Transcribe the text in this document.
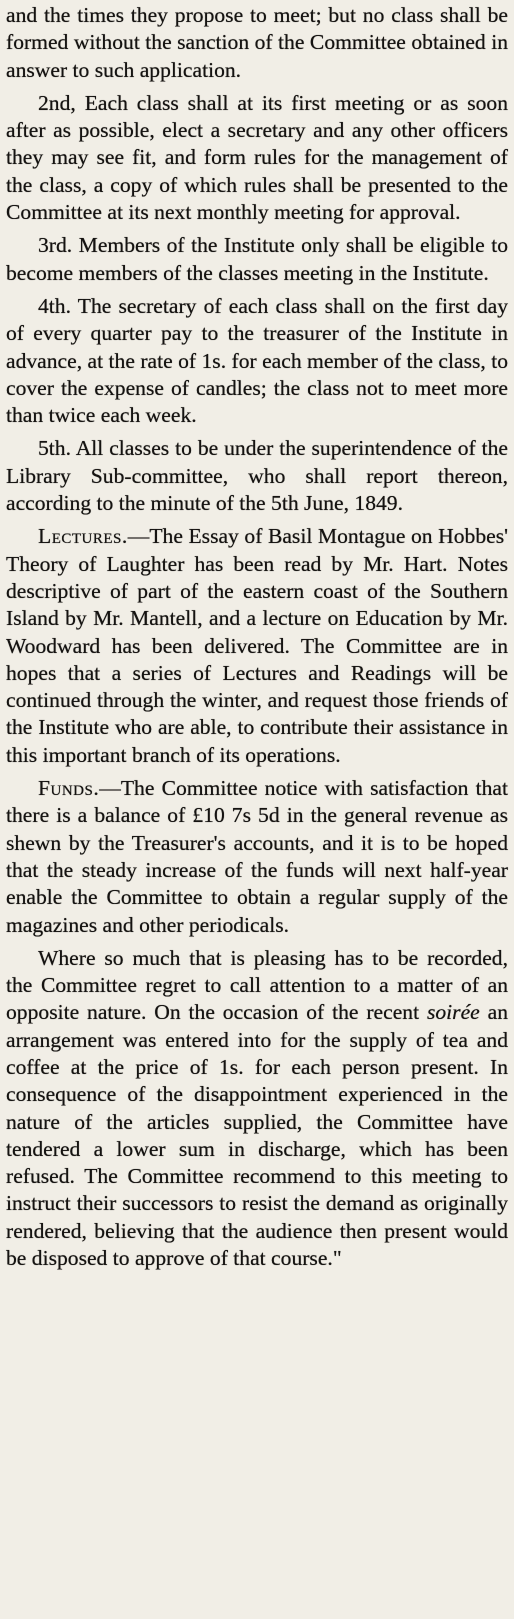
and the times they propose to meet; but no class shall be formed without the sanction of the Committee obtained in answer to such application.

2nd, Each class shall at its first meeting or as soon after as possible, elect a secretary and any other officers they may see fit, and form rules for the management of the class, a copy of which rules shall be presented to the Committee at its next monthly meeting for approval.

3rd. Members of the Institute only shall be eligible to become members of the classes meeting in the Institute.

4th. The secretary of each class shall on the first day of every quarter pay to the treasurer of the Institute in advance, at the rate of 1s. for each member of the class, to cover the expense of candles; the class not to meet more than twice each week.

5th. All classes to be under the superintendence of the Library Sub-committee, who shall report thereon, according to the minute of the 5th June, 1849.

Lectures.—The Essay of Basil Montague on Hobbes' Theory of Laughter has been read by Mr. Hart. Notes descriptive of part of the eastern coast of the Southern Island by Mr. Mantell, and a lecture on Education by Mr. Woodward has been delivered. The Committee are in hopes that a series of Lectures and Readings will be continued through the winter, and request those friends of the Institute who are able, to contribute their assistance in this important branch of its operations.

Funds.—The Committee notice with satisfaction that there is a balance of £10 7s 5d in the general revenue as shewn by the Treasurer's accounts, and it is to be hoped that the steady increase of the funds will next half-year enable the Committee to obtain a regular supply of the magazines and other periodicals.

Where so much that is pleasing has to be recorded, the Committee regret to call attention to a matter of an opposite nature. On the occasion of the recent soirée an arrangement was entered into for the supply of tea and coffee at the price of 1s. for each person present. In consequence of the disappointment experienced in the nature of the articles supplied, the Committee have tendered a lower sum in discharge, which has been refused. The Committee recommend to this meeting to instruct their successors to resist the demand as originally rendered, believing that the audience then present would be disposed to approve of that course."
